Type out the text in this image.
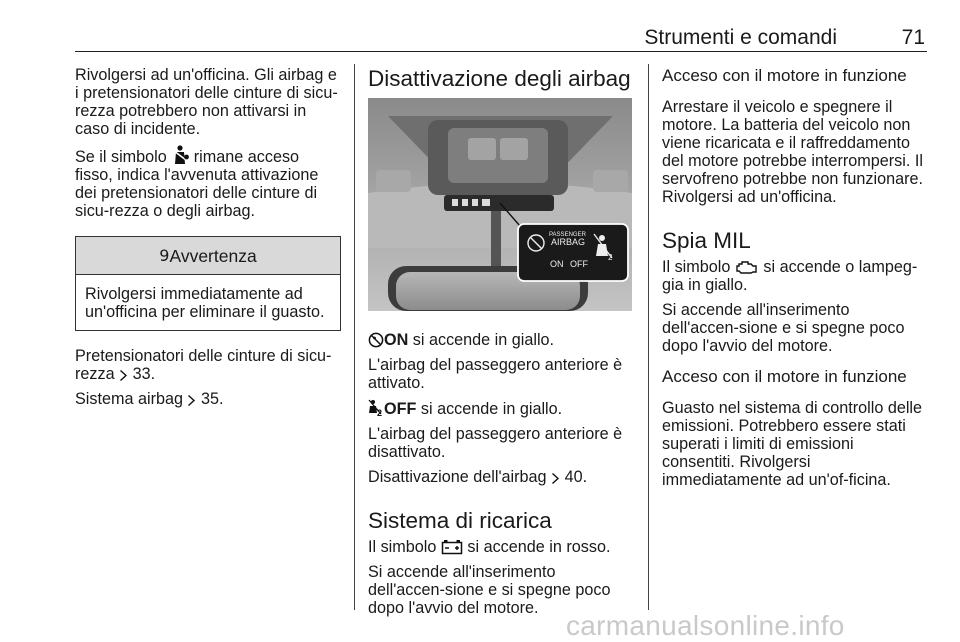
Strumenti e comandi	71

Rivolgersi ad un'officina. Gli airbag e i pretensionatori delle cinture di sicu-rezza potrebbero non attivarsi in caso di incidente.

Se il simbolo rimane acceso fisso, indica l'avvenuta attivazione dei pretensionatori delle cinture di sicu-rezza o degli airbag.

9 Avvertenza
Rivolgersi immediatamente ad un'officina per eliminare il guasto.

Pretensionatori delle cinture di sicu-rezza 33.

Sistema airbag 35.

Disattivazione degli airbag
PASSENGER
AIRBAG
ON OFF
2

ON si accende in giallo.

L'airbag del passeggero anteriore è attivato.

2 OFF si accende in giallo.

L'airbag del passeggero anteriore è disattivato.

Disattivazione dell'airbag 40.

Sistema di ricarica

Il simbolo si accende in rosso.

Si accende all'inserimento dell'accen-sione e si spegne poco dopo l'avvio del motore.

Acceso con il motore in funzione

Arrestare il veicolo e spegnere il motore. La batteria del veicolo non viene ricaricata e il raffreddamento del motore potrebbe interrompersi. Il servofreno potrebbe non funzionare. Rivolgersi ad un'officina.

Spia MIL

Il simbolo si accende o lampeg-gia in giallo.

Si accende all'inserimento dell'accen-sione e si spegne poco dopo l'avvio del motore.

Acceso con il motore in funzione

Guasto nel sistema di controllo delle emissioni. Potrebbero essere stati superati i limiti di emissioni consentiti. Rivolgersi immediatamente ad un'of-ficina.

carmanualsonline.info
